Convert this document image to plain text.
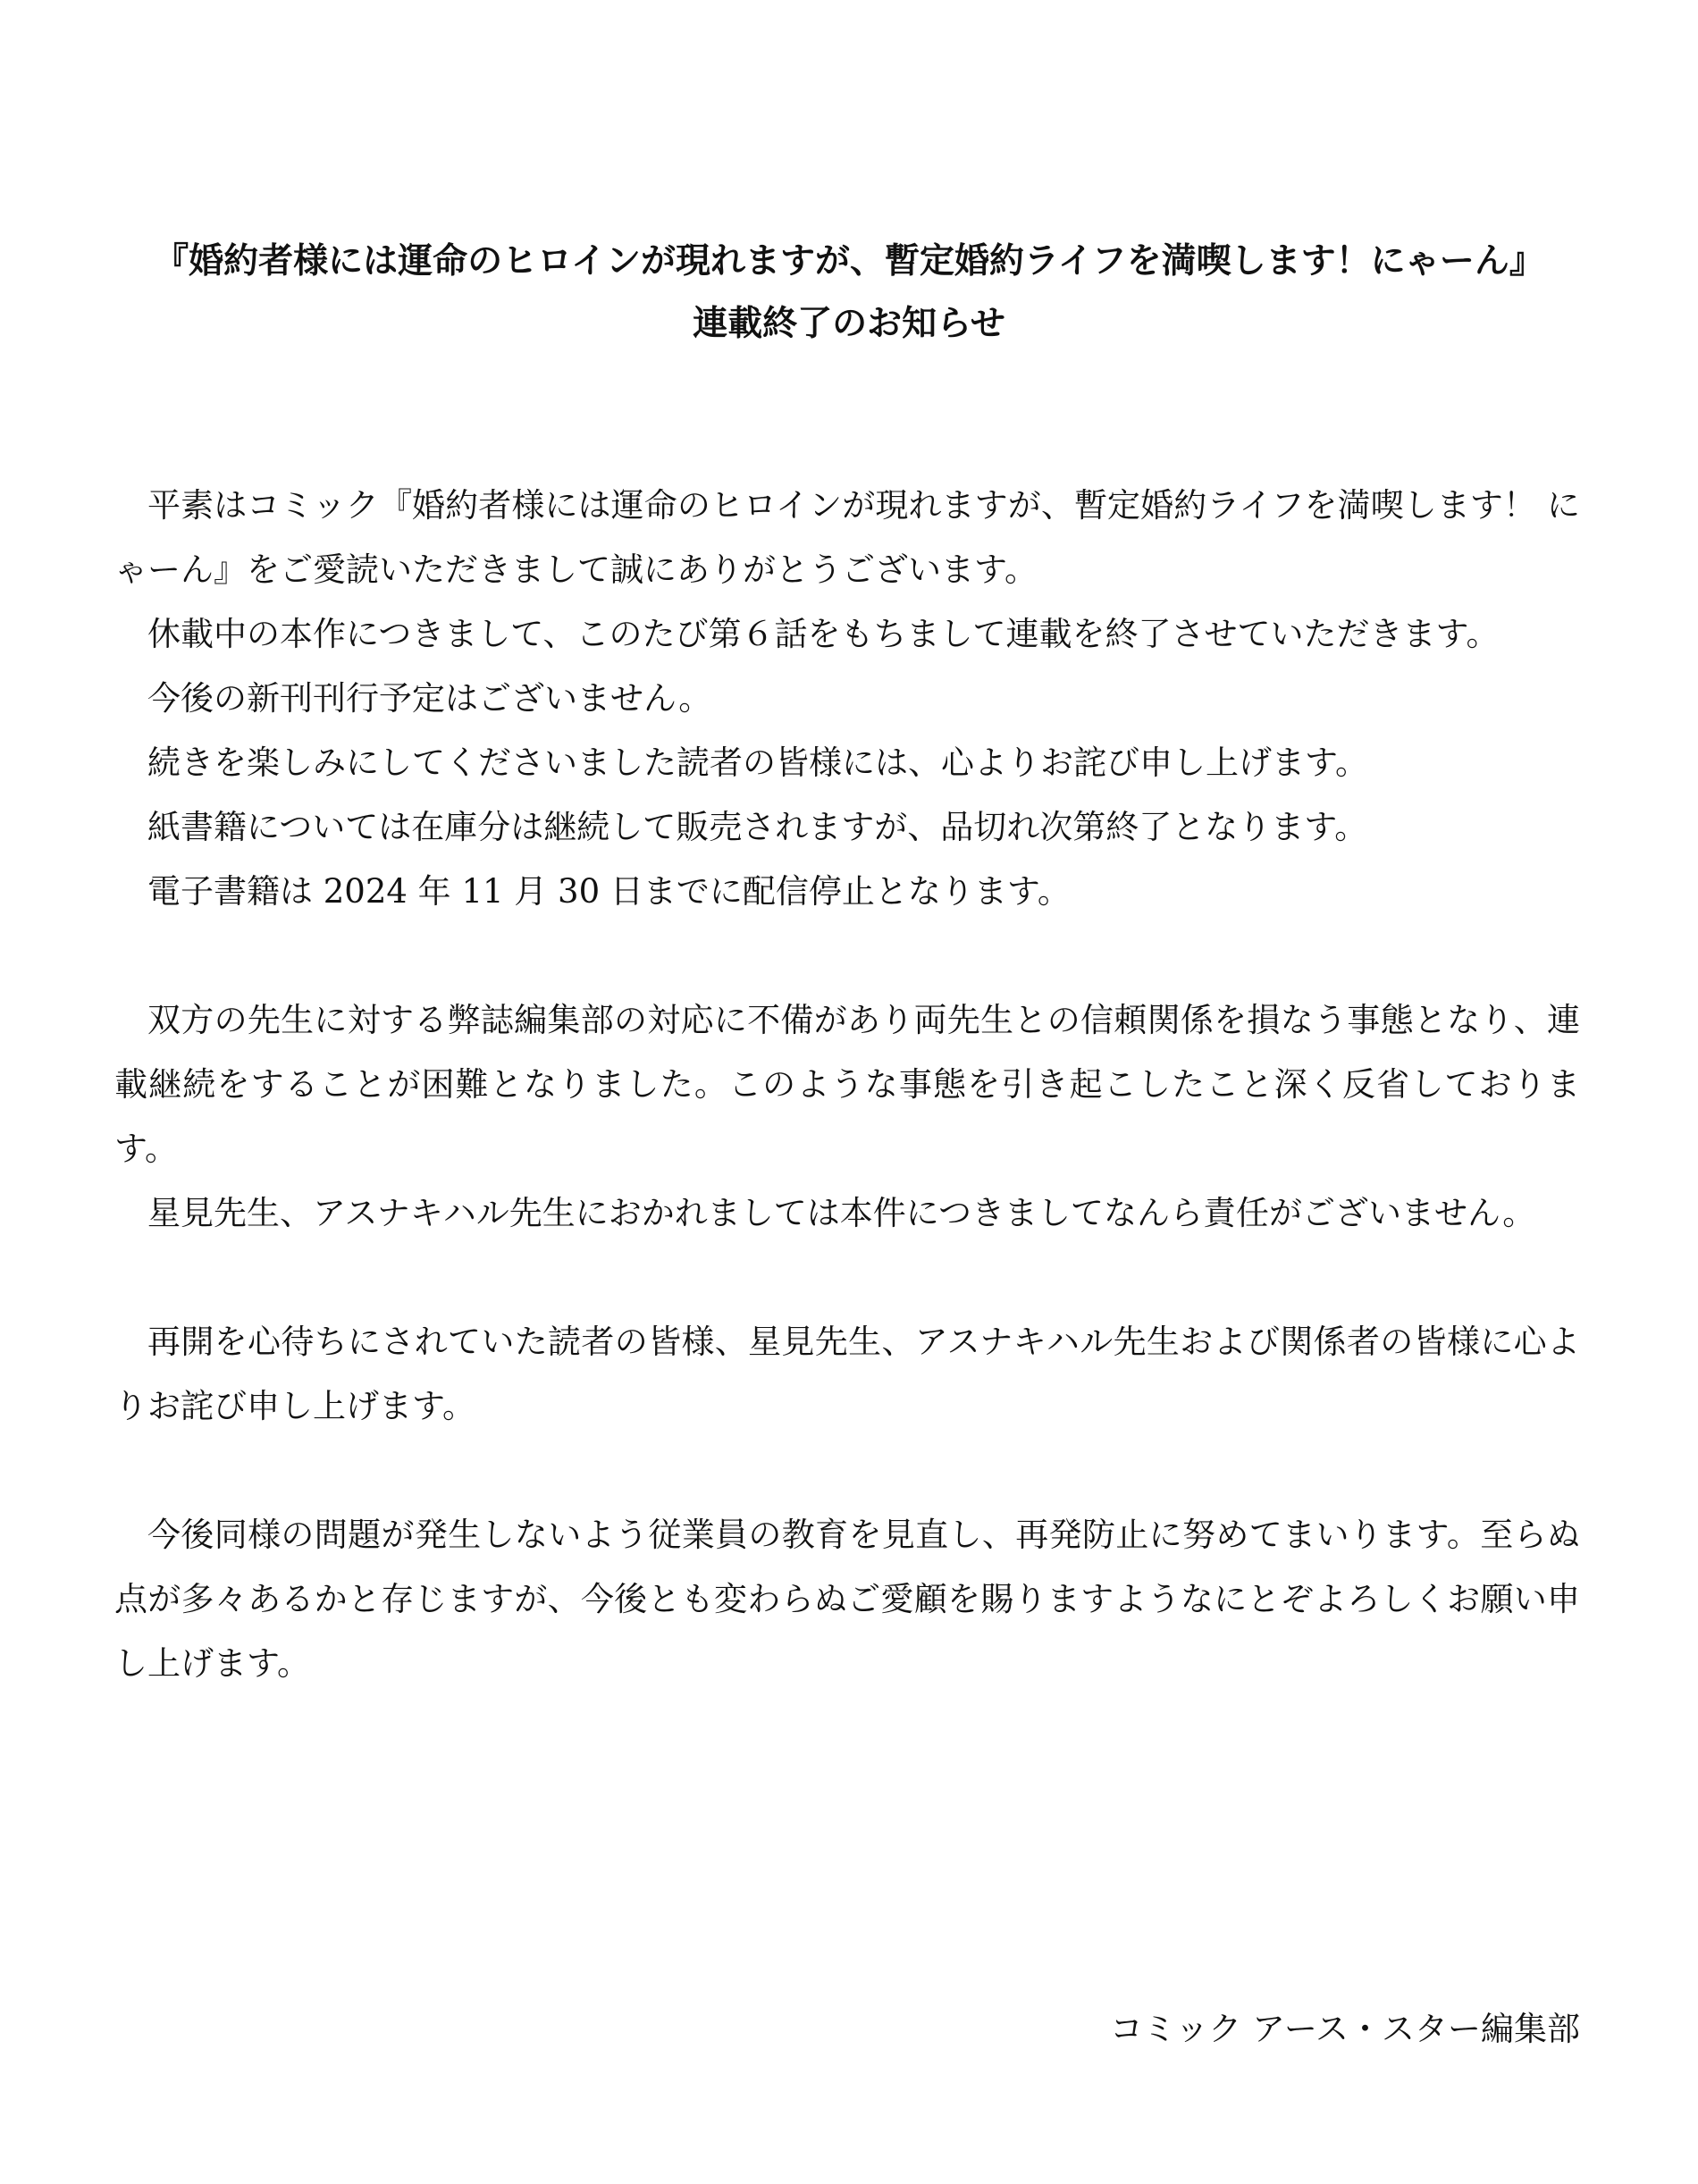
『婚約者様には運命のヒロインが現れますが、暫定婚約ライフを満喫します！にゃーん』
連載終了のお知らせ

平素はコミック『婚約者様には運命のヒロインが現れますが、暫定婚約ライフを満喫します！ にゃーん』をご愛読いただきまして誠にありがとうございます。

休載中の本作につきまして、このたび第６話をもちまして連載を終了させていただきます。

今後の新刊刊行予定はございません。

続きを楽しみにしてくださいました読者の皆様には、心よりお詫び申し上げます。

紙書籍については在庫分は継続して販売されますが、品切れ次第終了となります。

電子書籍は 2024 年 11 月 30 日までに配信停止となります。

双方の先生に対する弊誌編集部の対応に不備があり両先生との信頼関係を損なう事態となり、連載継続をすることが困難となりました。このような事態を引き起こしたこと深く反省しております。

星見先生、アスナキハル先生におかれましては本件につきましてなんら責任がございません。

再開を心待ちにされていた読者の皆様、星見先生、アスナキハル先生および関係者の皆様に心よりお詫び申し上げます。

今後同様の問題が発生しないよう従業員の教育を見直し、再発防止に努めてまいります。至らぬ点が多々あるかと存じますが、今後とも変わらぬご愛顧を賜りますようなにとぞよろしくお願い申し上げます。

コミック アース・スター編集部
